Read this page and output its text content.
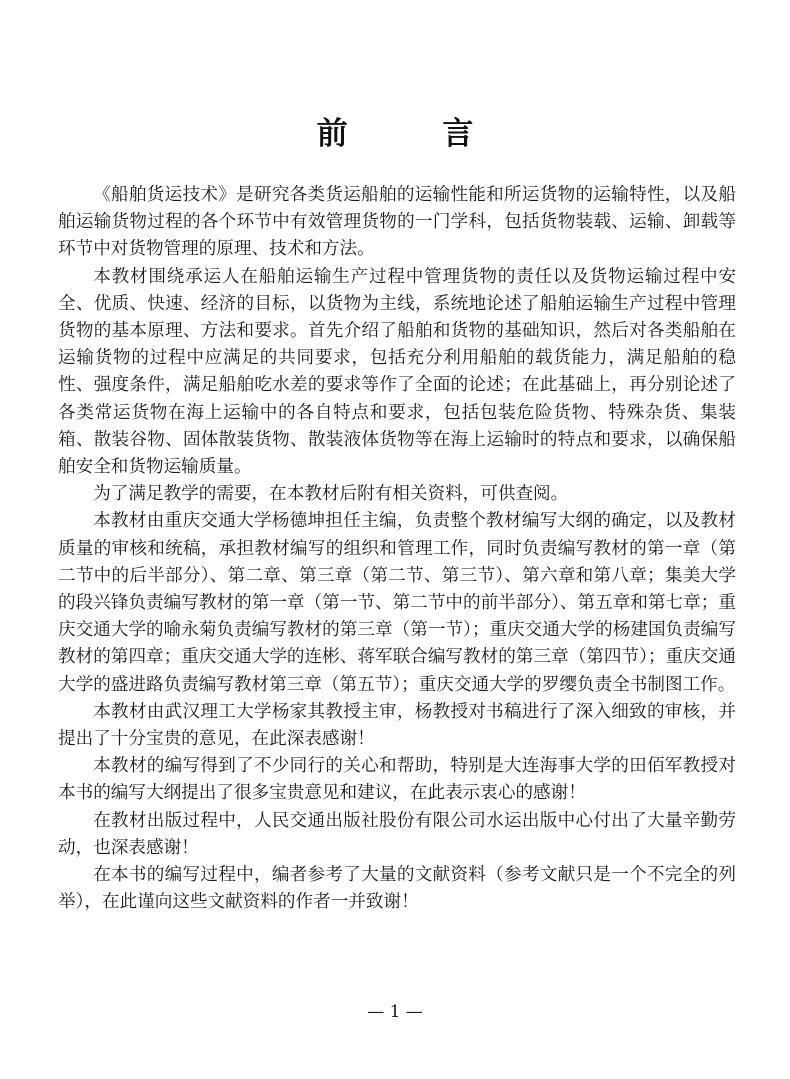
前 言

《船舶货运技术》是研究各类货运船舶的运输性能和所运货物的运输特性，以及船舶运输货物过程的各个环节中有效管理货物的一门学科，包括货物装载、运输、卸载等环节中对货物管理的原理、技术和方法。

本教材围绕承运人在船舶运输生产过程中管理货物的责任以及货物运输过程中安全、优质、快速、经济的目标，以货物为主线，系统地论述了船舶运输生产过程中管理货物的基本原理、方法和要求。首先介绍了船舶和货物的基础知识，然后对各类船舶在运输货物的过程中应满足的共同要求，包括充分利用船舶的载货能力，满足船舶的稳性、强度条件，满足船舶吃水差的要求等作了全面的论述；在此基础上，再分别论述了各类常运货物在海上运输中的各自特点和要求，包括包装危险货物、特殊杂货、集装箱、散装谷物、固体散装货物、散装液体货物等在海上运输时的特点和要求，以确保船舶安全和货物运输质量。

为了满足教学的需要，在本教材后附有相关资料，可供查阅。

本教材由重庆交通大学杨德坤担任主编，负责整个教材编写大纲的确定，以及教材质量的审核和统稿，承担教材编写的组织和管理工作，同时负责编写教材的第一章（第二节中的后半部分）、第二章、第三章（第二节、第三节）、第六章和第八章；集美大学的段兴锋负责编写教材的第一章（第一节、第二节中的前半部分）、第五章和第七章；重庆交通大学的喻永菊负责编写教材的第三章（第一节）；重庆交通大学的杨建国负责编写教材的第四章；重庆交通大学的连彬、蒋军联合编写教材的第三章（第四节）；重庆交通大学的盛进路负责编写教材第三章（第五节）；重庆交通大学的罗缨负责全书制图工作。

本教材由武汉理工大学杨家其教授主审，杨教授对书稿进行了深入细致的审核，并提出了十分宝贵的意见，在此深表感谢！

本教材的编写得到了不少同行的关心和帮助，特别是大连海事大学的田佰军教授对本书的编写大纲提出了很多宝贵意见和建议，在此表示衷心的感谢！

在教材出版过程中，人民交通出版社股份有限公司水运出版中心付出了大量辛勤劳动，也深表感谢！

在本书的编写过程中，编者参考了大量的文献资料（参考文献只是一个不完全的列举），在此谨向这些文献资料的作者一并致谢！

— 1 —
